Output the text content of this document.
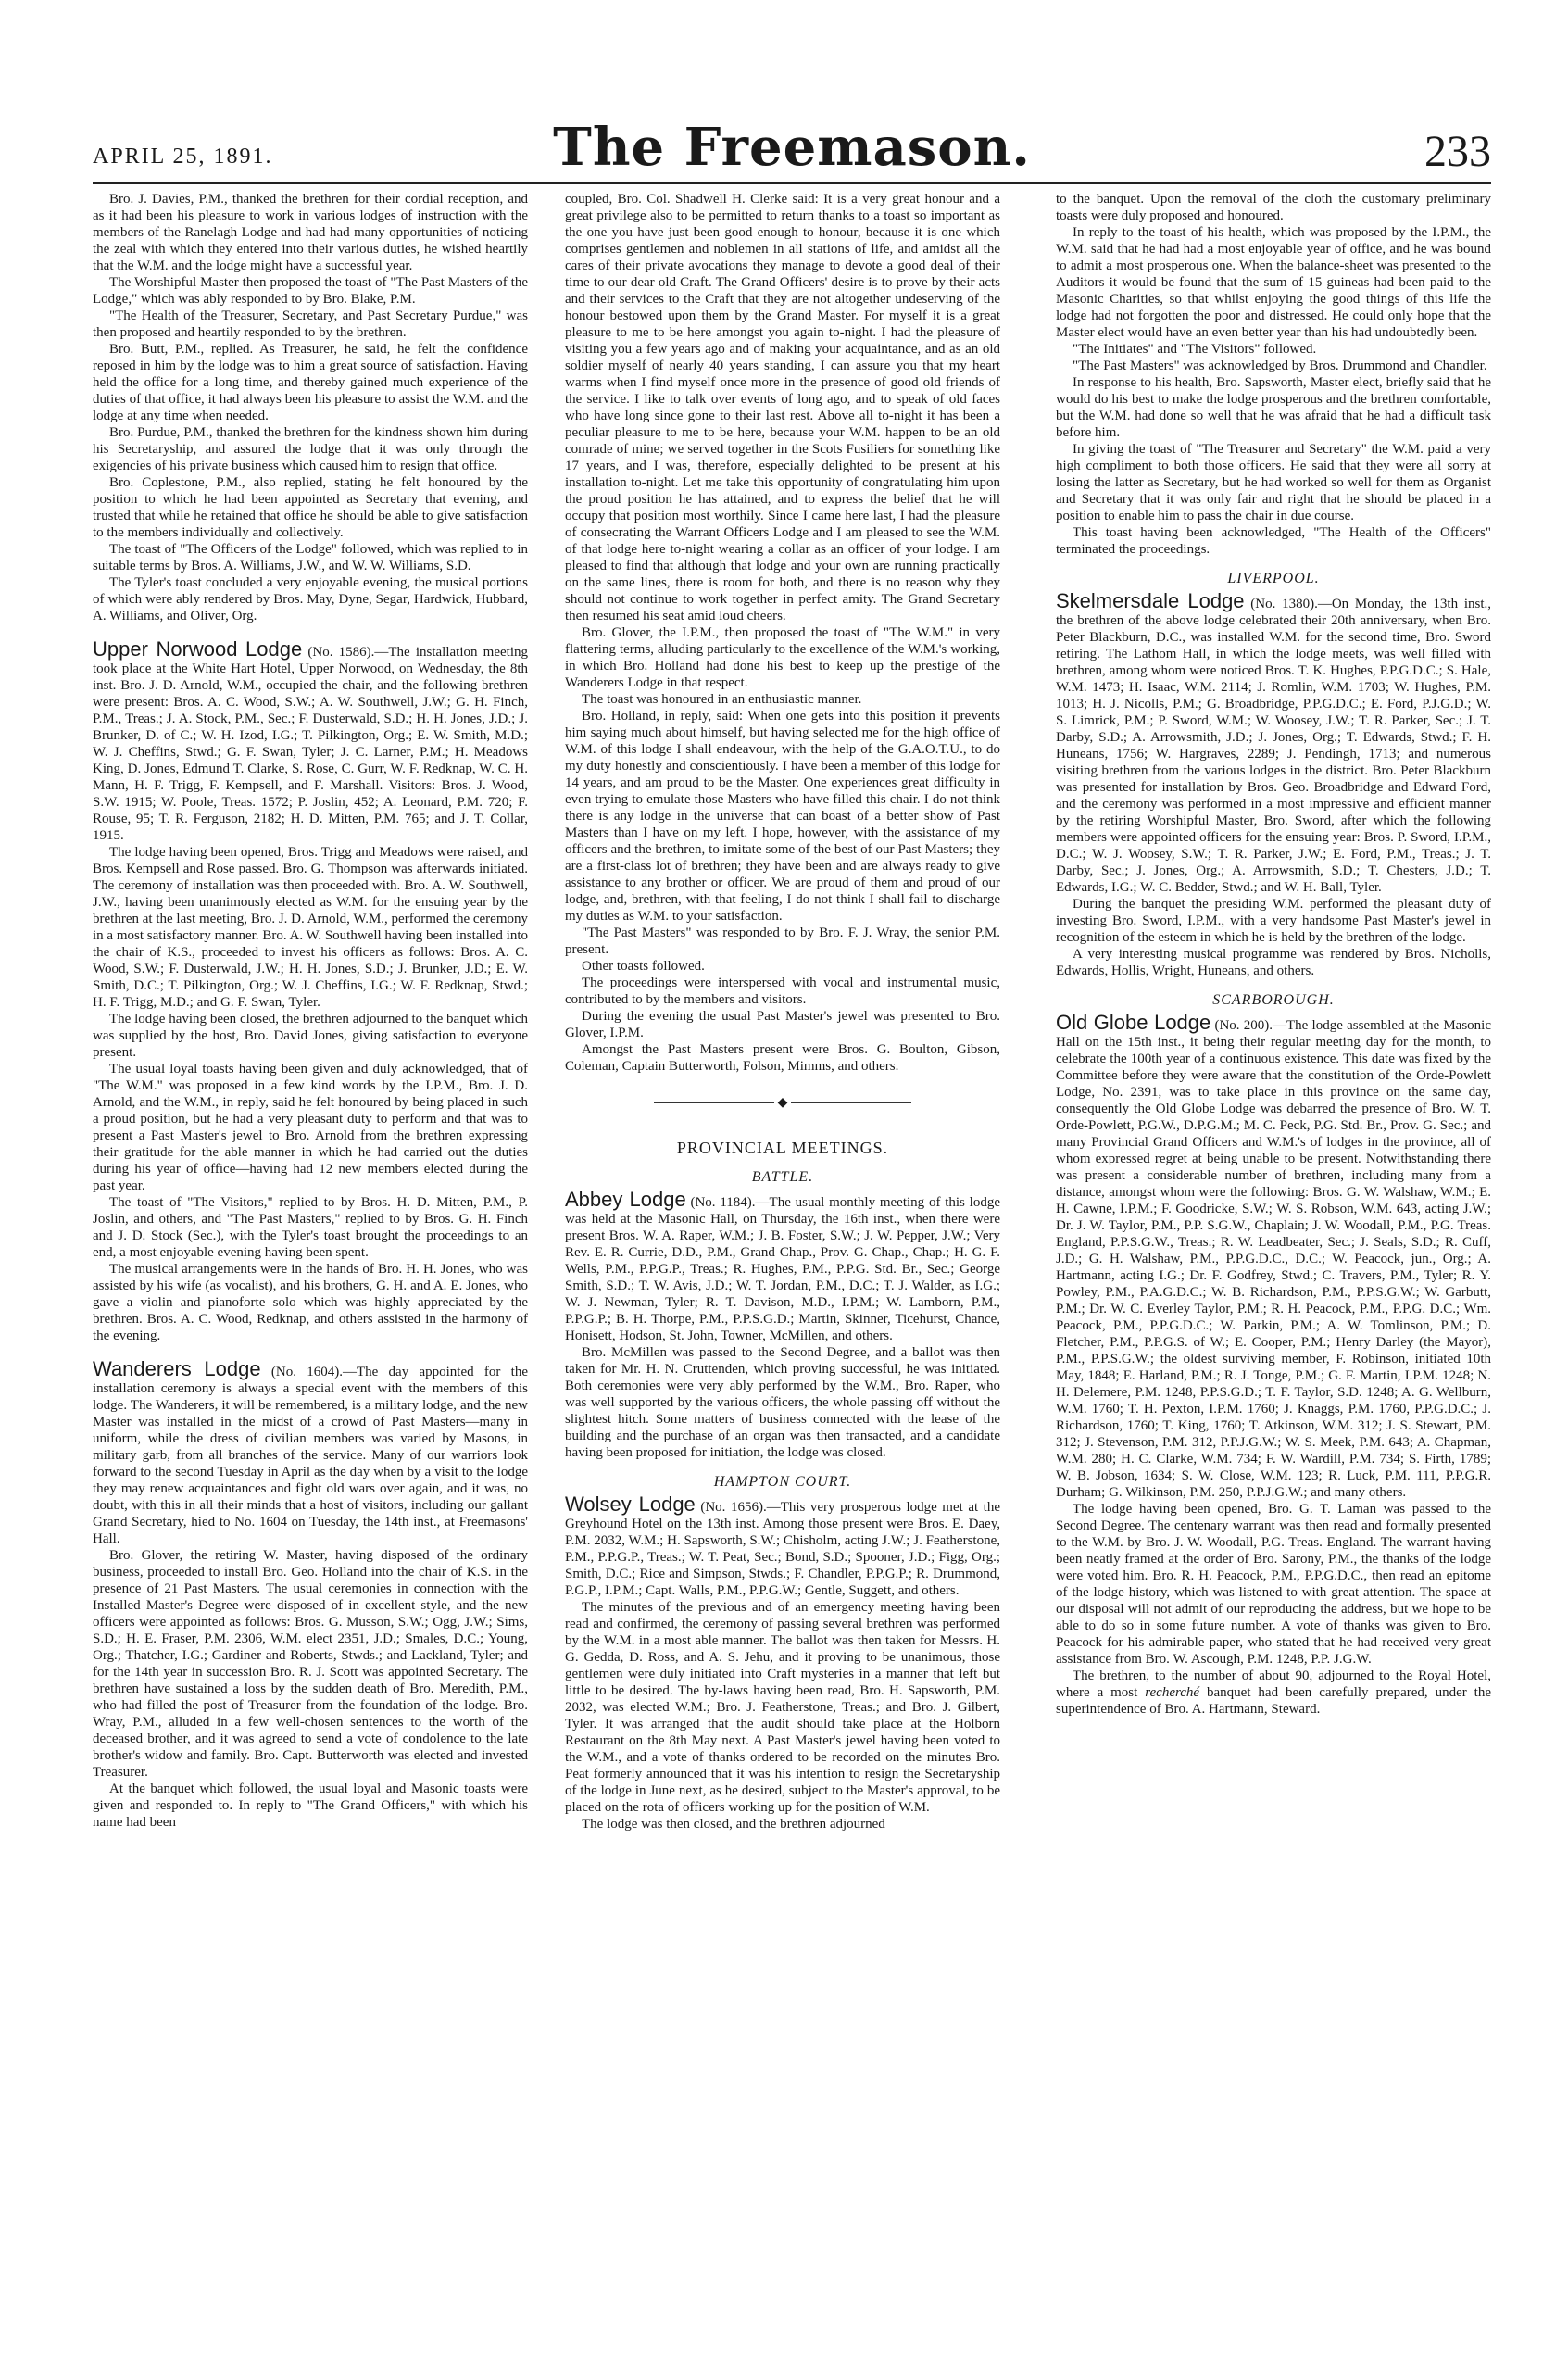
APRIL 25, 1891.	The Freemason.	233

Bro. J. Davies, P.M., thanked the brethren for their cordial reception, and as it had been his pleasure to work in various lodges of instruction with the members of the Ranelagh Lodge and had had many opportunities of noticing the zeal with which they entered into their various duties, he wished heartily that the W.M. and the lodge might have a successful year.

The Worshipful Master then proposed the toast of "The Past Masters of the Lodge," which was ably responded to by Bro. Blake, P.M.

"The Health of the Treasurer, Secretary, and Past Secretary Purdue," was then proposed and heartily responded to by the brethren.

Bro. Butt, P.M., replied. As Treasurer, he said, he felt the confidence reposed in him by the lodge was to him a great source of satisfaction. Having held the office for a long time, and thereby gained much experience of the duties of that office, it had always been his pleasure to assist the W.M. and the lodge at any time when needed.

Bro. Purdue, P.M., thanked the brethren for the kindness shown him during his Secretaryship, and assured the lodge that it was only through the exigencies of his private business which caused him to resign that office.

Bro. Coplestone, P.M., also replied, stating he felt honoured by the position to which he had been appointed as Secretary that evening, and trusted that while he retained that office he should be able to give satisfaction to the members individually and collectively.

The toast of "The Officers of the Lodge" followed, which was replied to in suitable terms by Bros. A. Williams, J.W., and W. W. Williams, S.D.

The Tyler's toast concluded a very enjoyable evening, the musical portions of which were ably rendered by Bros. May, Dyne, Segar, Hardwick, Hubbard, A. Williams, and Oliver, Org.

Upper Norwood Lodge (No. 1586).—The installation meeting took place at the White Hart Hotel, Upper Norwood, on Wednesday, the 8th inst. Bro. J. D. Arnold, W.M., occupied the chair, and the following brethren were present: Bros. A. C. Wood, S.W.; A. W. Southwell, J.W.; G. H. Finch, P.M., Treas.; J. A. Stock, P.M., Sec.; F. Dusterwald, S.D.; H. H. Jones, J.D.; J. Brunker, D. of C.; W. H. Izod, I.G.; T. Pilkington, Org.; E. W. Smith, M.D.; W. J. Cheffins, Stwd.; G. F. Swan, Tyler; J. C. Larner, P.M.; H. Meadows King, D. Jones, Edmund T. Clarke, S. Rose, C. Gurr, W. F. Redknap, W. C. H. Mann, H. F. Trigg, F. Kempsell, and F. Marshall. Visitors: Bros. J. Wood, S.W. 1915; W. Poole, Treas. 1572; P. Joslin, 452; A. Leonard, P.M. 720; F. Rouse, 95; T. R. Ferguson, 2182; H. D. Mitten, P.M. 765; and J. T. Collar, 1915.

The lodge having been opened, Bros. Trigg and Meadows were raised, and Bros. Kempsell and Rose passed. Bro. G. Thompson was afterwards initiated. The ceremony of installation was then proceeded with. Bro. A. W. Southwell, J.W., having been unanimously elected as W.M. for the ensuing year by the brethren at the last meeting, Bro. J. D. Arnold, W.M., performed the ceremony in a most satisfactory manner. Bro. A. W. Southwell having been installed into the chair of K.S., proceeded to invest his officers as follows: Bros. A. C. Wood, S.W.; F. Dusterwald, J.W.; H. H. Jones, S.D.; J. Brunker, J.D.; E. W. Smith, D.C.; T. Pilkington, Org.; W. J. Cheffins, I.G.; W. F. Redknap, Stwd.; H. F. Trigg, M.D.; and G. F. Swan, Tyler.

The lodge having been closed, the brethren adjourned to the banquet which was supplied by the host, Bro. David Jones, giving satisfaction to everyone present.

The usual loyal toasts having been given and duly acknowledged, that of "The W.M." was proposed in a few kind words by the I.P.M., Bro. J. D. Arnold, and the W.M., in reply, said he felt honoured by being placed in such a proud position, but he had a very pleasant duty to perform and that was to present a Past Master's jewel to Bro. Arnold from the brethren expressing their gratitude for the able manner in which he had carried out the duties during his year of office—having had 12 new members elected during the past year.

The toast of "The Visitors," replied to by Bros. H. D. Mitten, P.M., P. Joslin, and others, and "The Past Masters," replied to by Bros. G. H. Finch and J. D. Stock (Sec.), with the Tyler's toast brought the proceedings to an end, a most enjoyable evening having been spent.

The musical arrangements were in the hands of Bro. H. H. Jones, who was assisted by his wife (as vocalist), and his brothers, G. H. and A. E. Jones, who gave a violin and pianoforte solo which was highly appreciated by the brethren. Bros. A. C. Wood, Redknap, and others assisted in the harmony of the evening.

Wanderers Lodge (No. 1604).—The day appointed for the installation ceremony is always a special event with the members of this lodge. The Wanderers, it will be remembered, is a military lodge, and the new Master was installed in the midst of a crowd of Past Masters—many in uniform, while the dress of civilian members was varied by Masons, in military garb, from all branches of the service. Many of our warriors look forward to the second Tuesday in April as the day when by a visit to the lodge they may renew acquaintances and fight old wars over again, and it was, no doubt, with this in all their minds that a host of visitors, including our gallant Grand Secretary, hied to No. 1604 on Tuesday, the 14th inst., at Freemasons' Hall.

Bro. Glover, the retiring W. Master, having disposed of the ordinary business, proceeded to install Bro. Geo. Holland into the chair of K.S. in the presence of 21 Past Masters. The usual ceremonies in connection with the Installed Master's Degree were disposed of in excellent style, and the new officers were appointed as follows: Bros. G. Musson, S.W.; Ogg, J.W.; Sims, S.D.; H. E. Fraser, P.M. 2306, W.M. elect 2351, J.D.; Smales, D.C.; Young, Org.; Thatcher, I.G.; Gardiner and Roberts, Stwds.; and Lackland, Tyler; and for the 14th year in succession Bro. R. J. Scott was appointed Secretary. The brethren have sustained a loss by the sudden death of Bro. Meredith, P.M., who had filled the post of Treasurer from the foundation of the lodge. Bro. Wray, P.M., alluded in a few well-chosen sentences to the worth of the deceased brother, and it was agreed to send a vote of condolence to the late brother's widow and family. Bro. Capt. Butterworth was elected and invested Treasurer.

At the banquet which followed, the usual loyal and Masonic toasts were given and responded to. In reply to "The Grand Officers," with which his name had been

coupled, Bro. Col. Shadwell H. Clerke said: It is a very great honour and a great privilege also to be permitted to return thanks to a toast so important as the one you have just been good enough to honour, because it is one which comprises gentlemen and noblemen in all stations of life, and amidst all the cares of their private avocations they manage to devote a good deal of their time to our dear old Craft. The Grand Officers' desire is to prove by their acts and their services to the Craft that they are not altogether undeserving of the honour bestowed upon them by the Grand Master. For myself it is a great pleasure to me to be here amongst you again to-night. I had the pleasure of visiting you a few years ago and of making your acquaintance, and as an old soldier myself of nearly 40 years standing, I can assure you that my heart warms when I find myself once more in the presence of good old friends of the service. I like to talk over events of long ago, and to speak of old faces who have long since gone to their last rest. Above all to-night it has been a peculiar pleasure to me to be here, because your W.M. happen to be an old comrade of mine; we served together in the Scots Fusiliers for something like 17 years, and I was, therefore, especially delighted to be present at his installation to-night. Let me take this opportunity of congratulating him upon the proud position he has attained, and to express the belief that he will occupy that position most worthily. Since I came here last, I had the pleasure of consecrating the Warrant Officers Lodge and I am pleased to see the W.M. of that lodge here to-night wearing a collar as an officer of your lodge. I am pleased to find that although that lodge and your own are running practically on the same lines, there is room for both, and there is no reason why they should not continue to work together in perfect amity. The Grand Secretary then resumed his seat amid loud cheers.

Bro. Glover, the I.P.M., then proposed the toast of "The W.M." in very flattering terms, alluding particularly to the excellence of the W.M.'s working, in which Bro. Holland had done his best to keep up the prestige of the Wanderers Lodge in that respect.

The toast was honoured in an enthusiastic manner.

Bro. Holland, in reply, said: When one gets into this position it prevents him saying much about himself, but having selected me for the high office of W.M. of this lodge I shall endeavour, with the help of the G.A.O.T.U., to do my duty honestly and conscientiously. I have been a member of this lodge for 14 years, and am proud to be the Master. One experiences great difficulty in even trying to emulate those Masters who have filled this chair. I do not think there is any lodge in the universe that can boast of a better show of Past Masters than I have on my left. I hope, however, with the assistance of my officers and the brethren, to imitate some of the best of our Past Masters; they are a first-class lot of brethren; they have been and are always ready to give assistance to any brother or officer. We are proud of them and proud of our lodge, and, brethren, with that feeling, I do not think I shall fail to discharge my duties as W.M. to your satisfaction.

"The Past Masters" was responded to by Bro. F. J. Wray, the senior P.M. present.

Other toasts followed.

The proceedings were interspersed with vocal and instrumental music, contributed to by the members and visitors.

During the evening the usual Past Master's jewel was presented to Bro. Glover, I.P.M.

Amongst the Past Masters present were Bros. G. Boulton, Gibson, Coleman, Captain Butterworth, Folson, Mimms, and others.

◆

PROVINCIAL MEETINGS.

BATTLE.

Abbey Lodge (No. 1184).—The usual monthly meeting of this lodge was held at the Masonic Hall, on Thursday, the 16th inst., when there were present Bros. W. A. Raper, W.M.; J. B. Foster, S.W.; J. W. Pepper, J.W.; Very Rev. E. R. Currie, D.D., P.M., Grand Chap., Prov. G. Chap., Chap.; H. G. F. Wells, P.M., P.P.G.P., Treas.; R. Hughes, P.M., P.P.G. Std. Br., Sec.; George Smith, S.D.; T. W. Avis, J.D.; W. T. Jordan, P.M., D.C.; T. J. Walder, as I.G.; W. J. Newman, Tyler; R. T. Davison, M.D., I.P.M.; W. Lamborn, P.M., P.P.G.P.; B. H. Thorpe, P.M., P.P.S.G.D.; Martin, Skinner, Ticehurst, Chance, Honisett, Hodson, St. John, Towner, McMillen, and others.

Bro. McMillen was passed to the Second Degree, and a ballot was then taken for Mr. H. N. Cruttenden, which proving successful, he was initiated. Both ceremonies were very ably performed by the W.M., Bro. Raper, who was well supported by the various officers, the whole passing off without the slightest hitch. Some matters of business connected with the lease of the building and the purchase of an organ was then transacted, and a candidate having been proposed for initiation, the lodge was closed.

HAMPTON COURT.

Wolsey Lodge (No. 1656).—This very prosperous lodge met at the Greyhound Hotel on the 13th inst. Among those present were Bros. E. Daey, P.M. 2032, W.M.; H. Sapsworth, S.W.; Chisholm, acting J.W.; J. Featherstone, P.M., P.P.G.P., Treas.; W. T. Peat, Sec.; Bond, S.D.; Spooner, J.D.; Figg, Org.; Smith, D.C.; Rice and Simpson, Stwds.; F. Chandler, P.P.G.P.; R. Drummond, P.G.P., I.P.M.; Capt. Walls, P.M., P.P.G.W.; Gentle, Suggett, and others.

The minutes of the previous and of an emergency meeting having been read and confirmed, the ceremony of passing several brethren was performed by the W.M. in a most able manner. The ballot was then taken for Messrs. H. G. Gedda, D. Ross, and A. S. Jehu, and it proving to be unanimous, those gentlemen were duly initiated into Craft mysteries in a manner that left but little to be desired. The by-laws having been read, Bro. H. Sapsworth, P.M. 2032, was elected W.M.; Bro. J. Featherstone, Treas.; and Bro. J. Gilbert, Tyler. It was arranged that the audit should take place at the Holborn Restaurant on the 8th May next. A Past Master's jewel having been voted to the W.M., and a vote of thanks ordered to be recorded on the minutes Bro. Peat formerly announced that it was his intention to resign the Secretaryship of the lodge in June next, as he desired, subject to the Master's approval, to be placed on the rota of officers working up for the position of W.M.

The lodge was then closed, and the brethren adjourned

to the banquet. Upon the removal of the cloth the customary preliminary toasts were duly proposed and honoured.

In reply to the toast of his health, which was proposed by the I.P.M., the W.M. said that he had had a most enjoyable year of office, and he was bound to admit a most prosperous one. When the balance-sheet was presented to the Auditors it would be found that the sum of 15 guineas had been paid to the Masonic Charities, so that whilst enjoying the good things of this life the lodge had not forgotten the poor and distressed. He could only hope that the Master elect would have an even better year than his had undoubtedly been.

"The Initiates" and "The Visitors" followed.

"The Past Masters" was acknowledged by Bros. Drummond and Chandler.

In response to his health, Bro. Sapsworth, Master elect, briefly said that he would do his best to make the lodge prosperous and the brethren comfortable, but the W.M. had done so well that he was afraid that he had a difficult task before him.

In giving the toast of "The Treasurer and Secretary" the W.M. paid a very high compliment to both those officers. He said that they were all sorry at losing the latter as Secretary, but he had worked so well for them as Organist and Secretary that it was only fair and right that he should be placed in a position to enable him to pass the chair in due course.

This toast having been acknowledged, "The Health of the Officers" terminated the proceedings.

LIVERPOOL.

Skelmersdale Lodge (No. 1380).—On Monday, the 13th inst., the brethren of the above lodge celebrated their 20th anniversary, when Bro. Peter Blackburn, D.C., was installed W.M. for the second time, Bro. Sword retiring. The Lathom Hall, in which the lodge meets, was well filled with brethren, among whom were noticed Bros. T. K. Hughes, P.P.G.D.C.; S. Hale, W.M. 1473; H. Isaac, W.M. 2114; J. Romlin, W.M. 1703; W. Hughes, P.M. 1013; H. J. Nicolls, P.M.; G. Broadbridge, P.P.G.D.C.; E. Ford, P.J.G.D.; W. S. Limrick, P.M.; P. Sword, W.M.; W. Woosey, J.W.; T. R. Parker, Sec.; J. T. Darby, S.D.; A. Arrowsmith, J.D.; J. Jones, Org.; T. Edwards, Stwd.; F. H. Huneans, 1756; W. Hargraves, 2289; J. Pendingh, 1713; and numerous visiting brethren from the various lodges in the district. Bro. Peter Blackburn was presented for installation by Bros. Geo. Broadbridge and Edward Ford, and the ceremony was performed in a most impressive and efficient manner by the retiring Worshipful Master, Bro. Sword, after which the following members were appointed officers for the ensuing year: Bros. P. Sword, I.P.M., D.C.; W. J. Woosey, S.W.; T. R. Parker, J.W.; E. Ford, P.M., Treas.; J. T. Darby, Sec.; J. Jones, Org.; A. Arrowsmith, S.D.; T. Chesters, J.D.; T. Edwards, I.G.; W. C. Bedder, Stwd.; and W. H. Ball, Tyler.

During the banquet the presiding W.M. performed the pleasant duty of investing Bro. Sword, I.P.M., with a very handsome Past Master's jewel in recognition of the esteem in which he is held by the brethren of the lodge.

A very interesting musical programme was rendered by Bros. Nicholls, Edwards, Hollis, Wright, Huneans, and others.

SCARBOROUGH.

Old Globe Lodge (No. 200).—The lodge assembled at the Masonic Hall on the 15th inst., it being their regular meeting day for the month, to celebrate the 100th year of a continuous existence. This date was fixed by the Committee before they were aware that the constitution of the Orde-Powlett Lodge, No. 2391, was to take place in this province on the same day, consequently the Old Globe Lodge was debarred the presence of Bro. W. T. Orde-Powlett, P.G.W., D.P.G.M.; M. C. Peck, P.G. Std. Br., Prov. G. Sec.; and many Provincial Grand Officers and W.M.'s of lodges in the province, all of whom expressed regret at being unable to be present. Notwithstanding there was present a considerable number of brethren, including many from a distance, amongst whom were the following: Bros. G. W. Walshaw, W.M.; E. H. Cawne, I.P.M.; F. Goodricke, S.W.; W. S. Robson, W.M. 643, acting J.W.; Dr. J. W. Taylor, P.M., P.P. S.G.W., Chaplain; J. W. Woodall, P.M., P.G. Treas. England, P.P.S.G.W., Treas.; R. W. Leadbeater, Sec.; J. Seals, S.D.; R. Cuff, J.D.; G. H. Walshaw, P.M., P.P.G.D.C., D.C.; W. Peacock, jun., Org.; A. Hartmann, acting I.G.; Dr. F. Godfrey, Stwd.; C. Travers, P.M., Tyler; R. Y. Powley, P.M., P.A.G.D.C.; W. B. Richardson, P.M., P.P.S.G.W.; W. Garbutt, P.M.; Dr. W. C. Everley Taylor, P.M.; R. H. Peacock, P.M., P.P.G. D.C.; Wm. Peacock, P.M., P.P.G.D.C.; W. Parkin, P.M.; A. W. Tomlinson, P.M.; D. Fletcher, P.M., P.P.G.S. of W.; E. Cooper, P.M.; Henry Darley (the Mayor), P.M., P.P.S.G.W.; the oldest surviving member, F. Robinson, initiated 10th May, 1848; E. Harland, P.M.; R. J. Tonge, P.M.; G. F. Martin, I.P.M. 1248; N. H. Delemere, P.M. 1248, P.P.S.G.D.; T. F. Taylor, S.D. 1248; A. G. Wellburn, W.M. 1760; T. H. Pexton, I.P.M. 1760; J. Knaggs, P.M. 1760, P.P.G.D.C.; J. Richardson, 1760; T. King, 1760; T. Atkinson, W.M. 312; J. S. Stewart, P.M. 312; J. Stevenson, P.M. 312, P.P.J.G.W.; W. S. Meek, P.M. 643; A. Chapman, W.M. 280; H. C. Clarke, W.M. 734; F. W. Wardill, P.M. 734; S. Firth, 1789; W. B. Jobson, 1634; S. W. Close, W.M. 123; R. Luck, P.M. 111, P.P.G.R. Durham; G. Wilkinson, P.M. 250, P.P.J.G.W.; and many others.

The lodge having been opened, Bro. G. T. Laman was passed to the Second Degree. The centenary warrant was then read and formally presented to the W.M. by Bro. J. W. Woodall, P.G. Treas. England. The warrant having been neatly framed at the order of Bro. Sarony, P.M., the thanks of the lodge were voted him. Bro. R. H. Peacock, P.M., P.P.G.D.C., then read an epitome of the lodge history, which was listened to with great attention. The space at our disposal will not admit of our reproducing the address, but we hope to be able to do so in some future number. A vote of thanks was given to Bro. Peacock for his admirable paper, who stated that he had received very great assistance from Bro. W. Ascough, P.M. 1248, P.P. J.G.W.

The brethren, to the number of about 90, adjourned to the Royal Hotel, where a most recherché banquet had been carefully prepared, under the superintendence of Bro. A. Hartmann, Steward.
